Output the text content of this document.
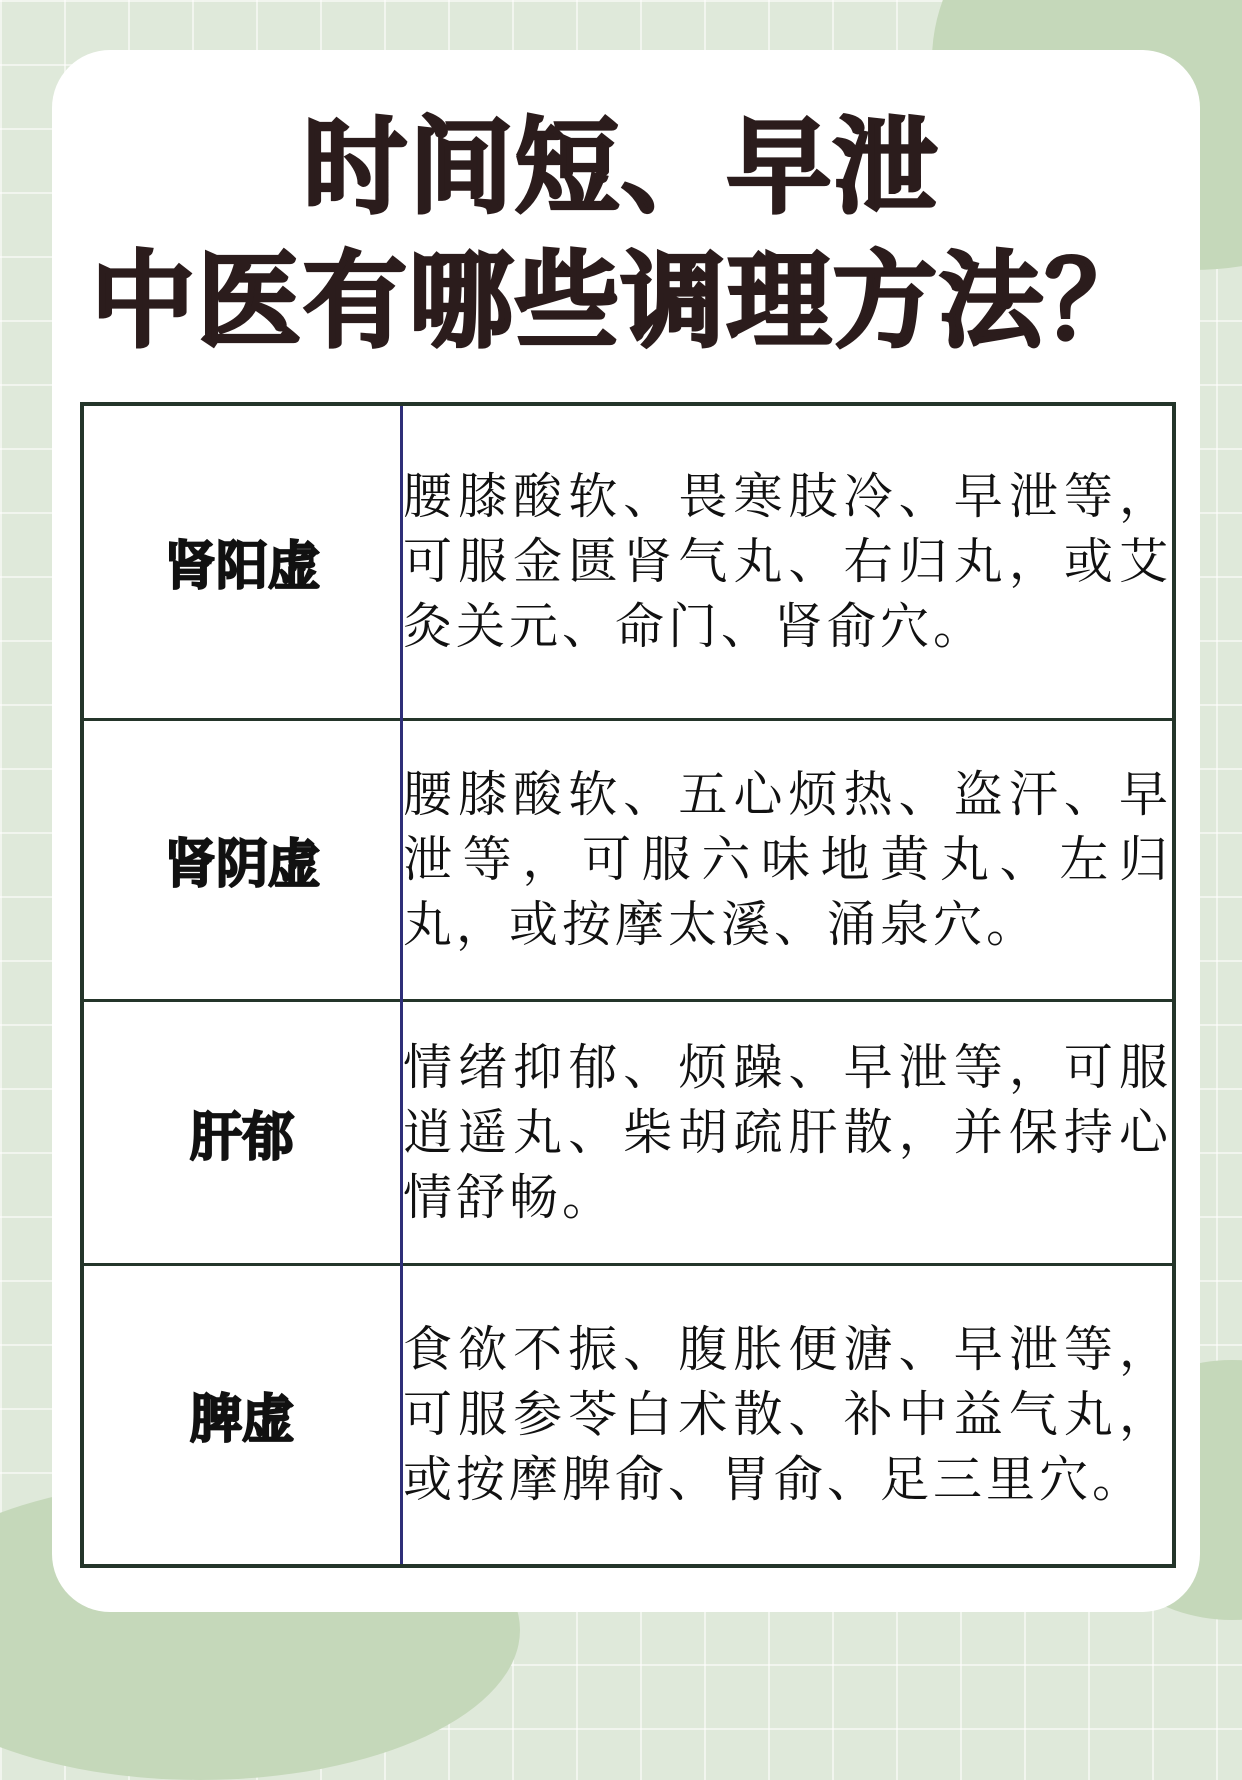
时间短、早泄
中医有哪些调理方法？
肾阳虚	腰膝酸软、畏寒肢冷、早泄等，可服金匮肾气丸、右归丸，或艾灸关元、命门、肾俞穴。
肾阴虚	腰膝酸软、五心烦热、盗汗、早泄等，可服六味地黄丸、左归丸，或按摩太溪、涌泉穴。
肝郁	情绪抑郁、烦躁、早泄等，可服逍遥丸、柴胡疏肝散，并保持心情舒畅。
脾虚	食欲不振、腹胀便溏、早泄等，可服参苓白术散、补中益气丸，或按摩脾俞、胃俞、足三里穴。
